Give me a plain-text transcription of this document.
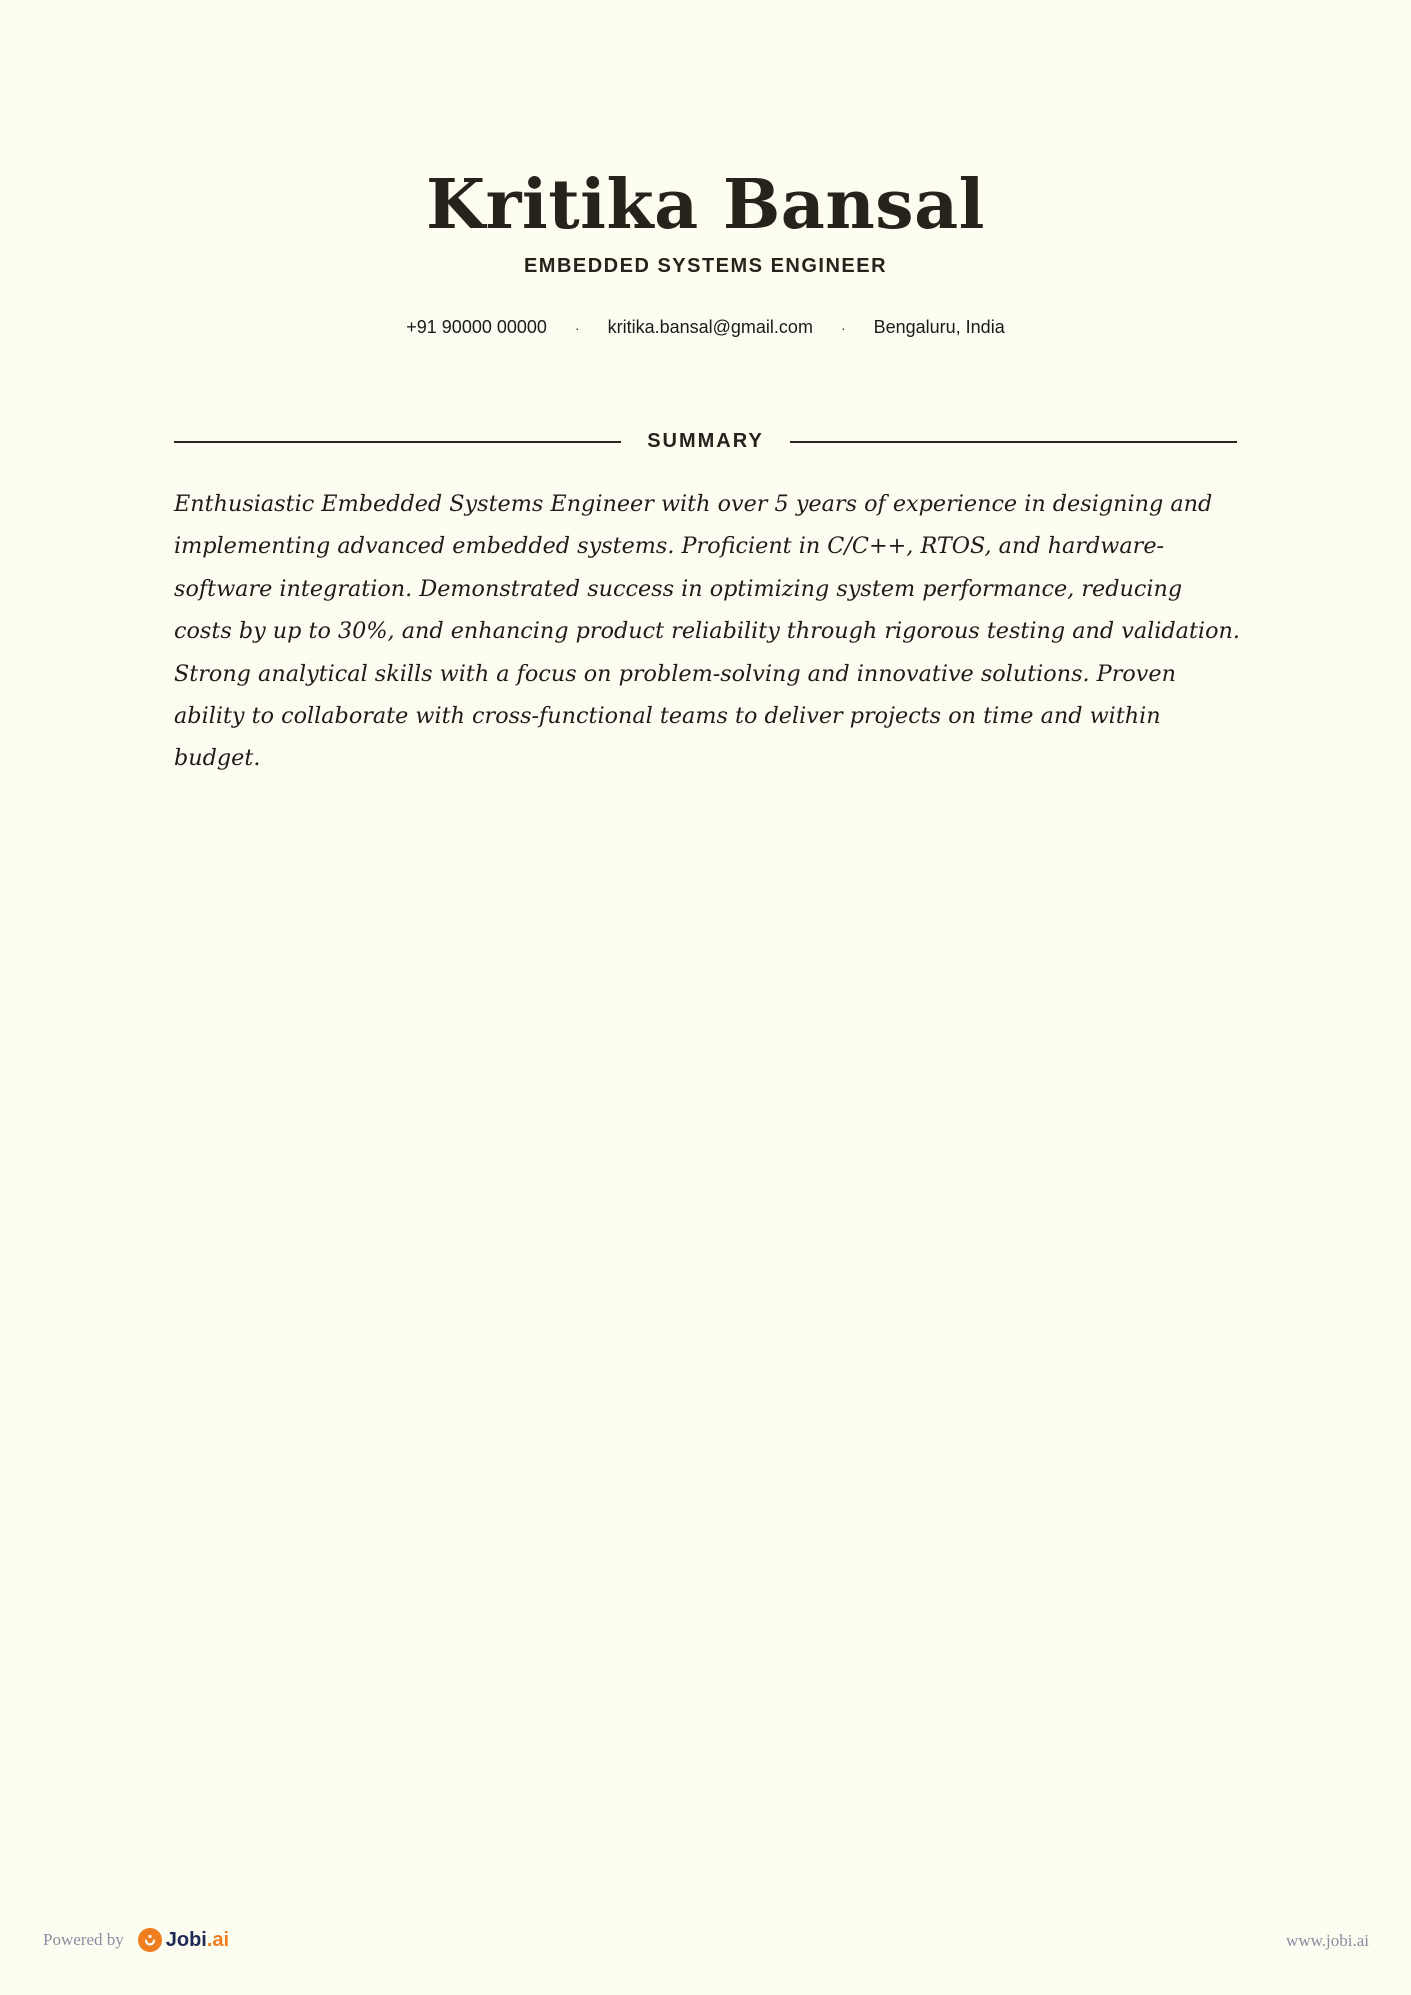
Kritika Bansal
EMBEDDED SYSTEMS ENGINEER
+91 90000 00000 · kritika.bansal@gmail.com · Bengaluru, India
SUMMARY

Enthusiastic Embedded Systems Engineer with over 5 years of experience in designing and implementing advanced embedded systems. Proficient in C/C++, RTOS, and hardware-software integration. Demonstrated success in optimizing system performance, reducing costs by up to 30%, and enhancing product reliability through rigorous testing and validation. Strong analytical skills with a focus on problem-solving and innovative solutions. Proven ability to collaborate with cross-functional teams to deliver projects on time and within budget.

Powered by Jobi.ai	www.jobi.ai
